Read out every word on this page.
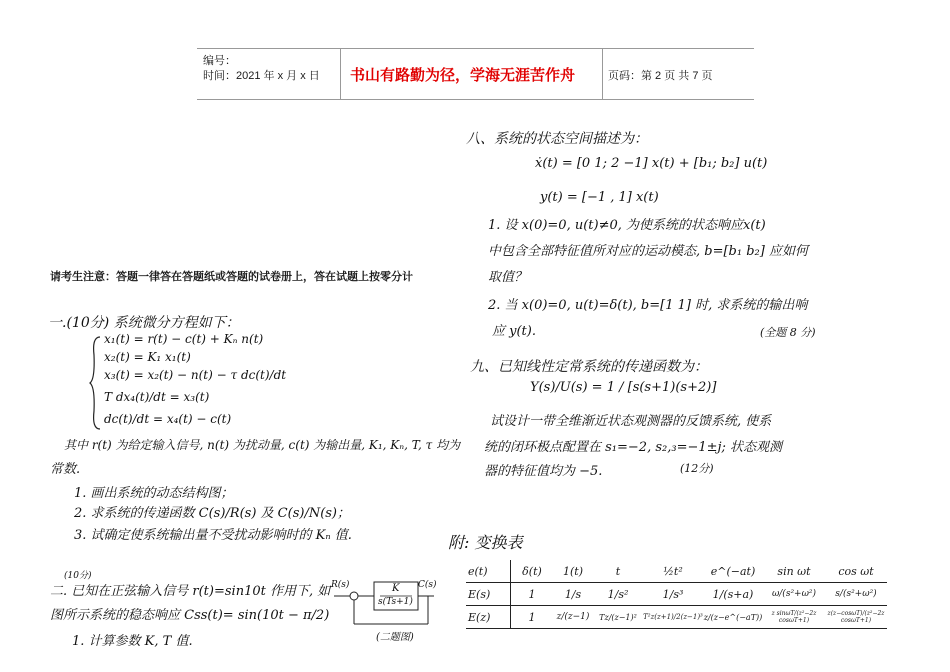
编号：
时间：2021 年 x 月 x 日 书山有路勤为径，学海无涯苦作舟	页码：第 2 页 共 7 页
八、系统的状态空间描述为：
ẋ(t) = [0 1; 2 −1] x(t) + [b₁; b₂] u(t)
y(t) = [−1 , 1] x(t)
1. 设 x(0)=0, u(t)≠0, 为使系统的状态响应x(t)
中包含全部特征值所对应的运动模态, b=[b₁ b₂] 应如何
取值？
2. 当 x(0)=0, u(t)=δ(t), b=[1 1] 时, 求系统的输出响
应 y(t).	(全题 8 分)
九、已知线性定常系统的传递函数为：
Y(s)/U(s) = 1 / [s(s+1)(s+2)]
试设计一带全维渐近状态观测器的反馈系统, 使系
统的闭环极点配置在 s₁=−2, s₂,₃=−1±j; 状态观测
器的特征值均为 −5.	(12分)
请考生注意：答题一律答在答题纸或答题的试卷册上，答在试题上按零分计
一.(10分) 系统微分方程如下：
x₁(t) = r(t) − c(t) + Kₙ n(t)
x₂(t) = K₁ x₁(t)
x₃(t) = x₂(t) − n(t) − τ dc(t)/dt
T dx₄(t)/dt = x₃(t)
dc(t)/dt = x₄(t) − c(t)
其中 r(t) 为给定输入信号, n(t) 为扰动量, c(t) 为输出量, K₁, Kₙ, T, τ 均为
常数.
1. 画出系统的动态结构图；
2. 求系统的传递函数 C(s)/R(s) 及 C(s)/N(s)；
3. 试确定使系统输出量不受扰动影响时的 Kₙ 值.
(10分)
二. 已知在正弦输入信号 r(t)=sin10t 作用下, 如
图所示系统的稳态响应 Css(t)= sin(10t − π/2)
1. 计算参数 K, T 值.
R(s)	C(s)
K
s(Ts+1)
(二题图)
附: 变换表
e(t)	δ(t)	1(t)	t	½t²	e^(−at)	sin ωt	cos ωt
E(s)	1	1/s	1/s²	1/s³	1/(s+a)	ω/(s²+ω²)	s/(s²+ω²)
E(z)	1	z/(z−1)	Tz/(z−1)²	T²z(z+1)/2(z−1)³	z/(z−e^(−aT))	z sinωT/(z²−2z cosωT+1)	z(z−cosωT)/(z²−2z cosωT+1)
